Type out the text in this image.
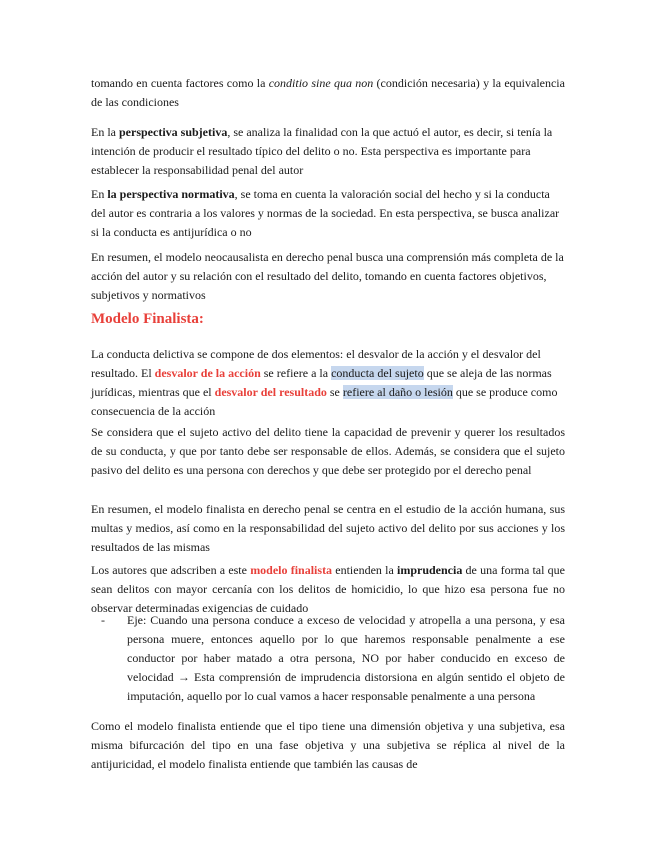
tomando en cuenta factores como la conditio sine qua non (condición necesaria) y la equivalencia de las condiciones

En la perspectiva subjetiva, se analiza la finalidad con la que actuó el autor, es decir, si tenía la intención de producir el resultado típico del delito o no. Esta perspectiva es importante para establecer la responsabilidad penal del autor

En la perspectiva normativa, se toma en cuenta la valoración social del hecho y si la conducta del autor es contraria a los valores y normas de la sociedad. En esta perspectiva, se busca analizar si la conducta es antijurídica o no

En resumen, el modelo neocausalista en derecho penal busca una comprensión más completa de la acción del autor y su relación con el resultado del delito, tomando en cuenta factores objetivos, subjetivos y normativos

Modelo Finalista:

La conducta delictiva se compone de dos elementos: el desvalor de la acción y el desvalor del resultado. El desvalor de la acción se refiere a la conducta del sujeto que se aleja de las normas jurídicas, mientras que el desvalor del resultado se refiere al daño o lesión que se produce como consecuencia de la acción

Se considera que el sujeto activo del delito tiene la capacidad de prevenir y querer los resultados de su conducta, y que por tanto debe ser responsable de ellos. Además, se considera que el sujeto pasivo del delito es una persona con derechos y que debe ser protegido por el derecho penal

En resumen, el modelo finalista en derecho penal se centra en el estudio de la acción humana, sus multas y medios, así como en la responsabilidad del sujeto activo del delito por sus acciones y los resultados de las mismas

Los autores que adscriben a este modelo finalista entienden la imprudencia de una forma tal que sean delitos con mayor cercanía con los delitos de homicidio, lo que hizo esa persona fue no observar determinadas exigencias de cuidado

-	Eje: Cuando una persona conduce a exceso de velocidad y atropella a una persona, y esa persona muere, entonces aquello por lo que haremos responsable penalmente a ese conductor por haber matado a otra persona, NO por haber conducido en exceso de velocidad → Esta comprensión de imprudencia distorsiona en algún sentido el objeto de imputación, aquello por lo cual vamos a hacer responsable penalmente a una persona

Como el modelo finalista entiende que el tipo tiene una dimensión objetiva y una subjetiva, esa misma bifurcación del tipo en una fase objetiva y una subjetiva se réplica al nivel de la antijuricidad, el modelo finalista entiende que también las causas de
